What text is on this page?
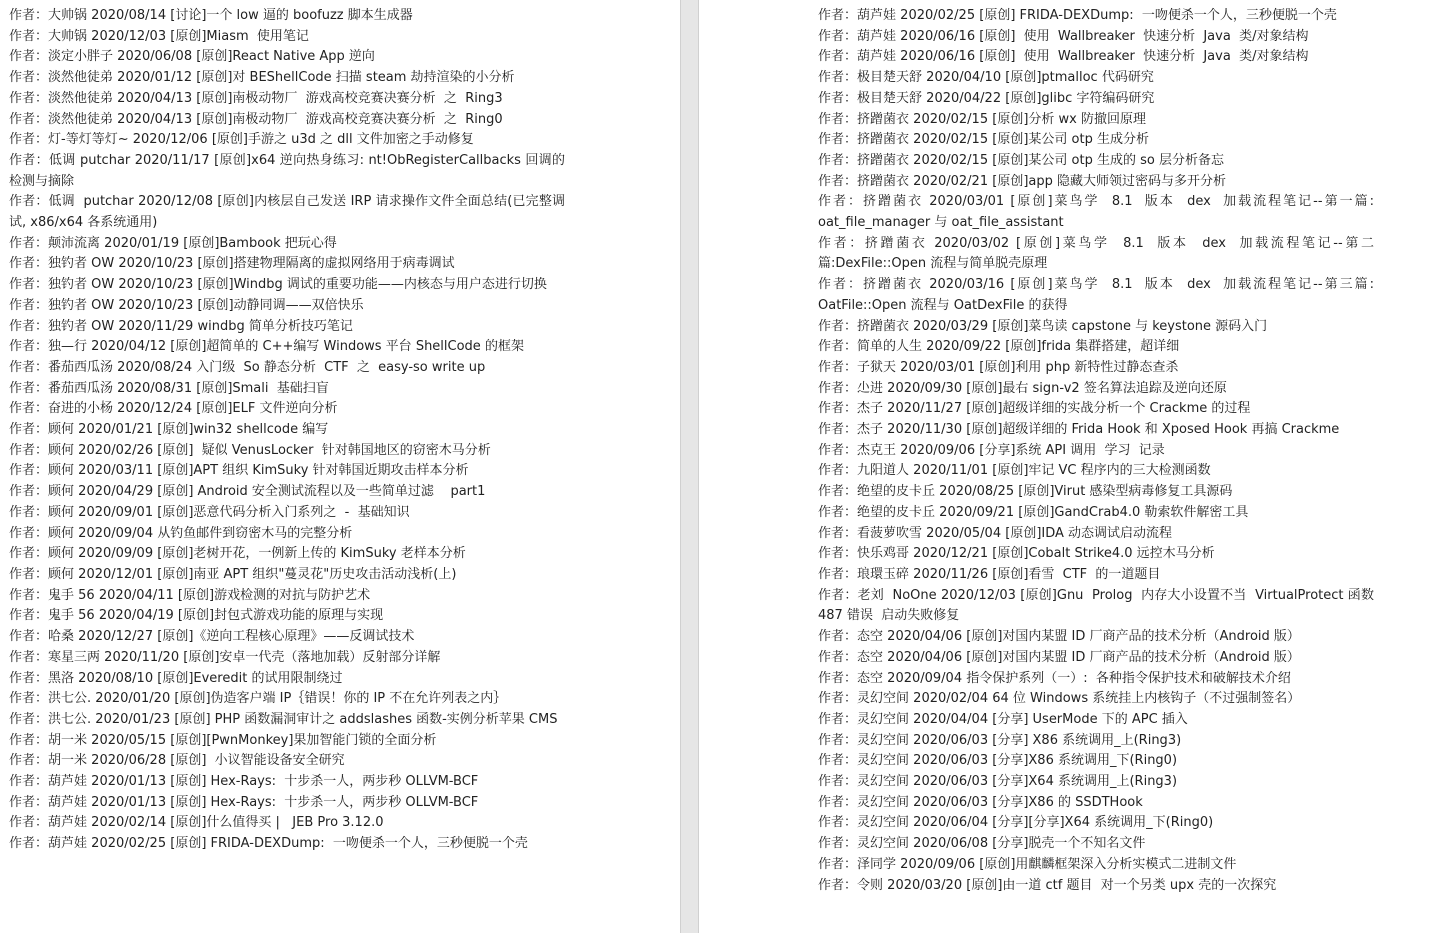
作者：大帅锅 2020/08/14 [讨论]一个 low 逼的 boofuzz 脚本生成器

作者：大帅锅 2020/12/03 [原创]Miasm  使用笔记

作者：淡定小胖子 2020/06/08 [原创]React Native App 逆向

作者：淡然他徒弟 2020/01/12 [原创]对 BEShellCode 扫描 steam 劫持渲染的小分析

作者：淡然他徒弟 2020/04/13 [原创]南极动物厂  游戏高校竞赛决赛分析  之  Ring3

作者：淡然他徒弟 2020/04/13 [原创]南极动物厂  游戏高校竞赛决赛分析  之  Ring0

作者：灯-等灯等灯~ 2020/12/06 [原创]手游之 u3d 之 dll 文件加密之手动修复

作者：低调 putchar 2020/11/17 [原创]x64 逆向热身练习: nt!ObRegisterCallbacks 回调的检测与摘除

作者：低调  putchar 2020/12/08 [原创]内核层自己发送 IRP 请求操作文件全面总结(已完整调试, x86/x64 各系统通用)

作者：颠沛流离 2020/01/19 [原创]Bambook 把玩心得

作者：独钓者 OW 2020/10/23 [原创]搭建物理隔离的虚拟网络用于病毒调试

作者：独钓者 OW 2020/10/23 [原创]Windbg 调试的重要功能——内核态与用户态进行切换

作者：独钓者 OW 2020/10/23 [原创]动静同调——双倍快乐

作者：独钓者 OW 2020/11/29 windbg 简单分析技巧笔记

作者：独—行 2020/04/12 [原创]超简单的 C++编写 Windows 平台 ShellCode 的框架

作者：番茄西瓜汤 2020/08/24 入门级  So 静态分析  CTF  之  easy-so write up

作者：番茄西瓜汤 2020/08/31 [原创]Smali  基础扫盲

作者：奋进的小杨 2020/12/24 [原创]ELF 文件逆向分析

作者：顾何 2020/01/21 [原创]win32 shellcode 编写

作者：顾何 2020/02/26 [原创]  疑似 VenusLocker  针对韩国地区的窃密木马分析

作者：顾何 2020/03/11 [原创]APT 组织 KimSuky 针对韩国近期攻击样本分析

作者：顾何 2020/04/29 [原创] Android 安全测试流程以及一些简单过滤    part1

作者：顾何 2020/09/01 [原创]恶意代码分析入门系列之  -  基础知识

作者：顾何 2020/09/04 从钓鱼邮件到窃密木马的完整分析

作者：顾何 2020/09/09 [原创]老树开花，一例新上传的 KimSuky 老样本分析

作者：顾何 2020/12/01 [原创]南亚 APT 组织"蔓灵花"历史攻击活动浅析(上)

作者：鬼手 56 2020/04/11 [原创]游戏检测的对抗与防护艺术

作者：鬼手 56 2020/04/19 [原创]封包式游戏功能的原理与实现

作者：哈桑 2020/12/27 [原创]《逆向工程核心原理》——反调试技术

作者：寒星三两 2020/11/20 [原创]安卓一代壳（落地加载）反射部分详解

作者：黑洛 2020/08/10 [原创]Everedit 的试用限制绕过

作者：洪七公. 2020/01/20 [原创]伪造客户端 IP｛错误！你的 IP 不在允许列表之内｝

作者：洪七公. 2020/01/23 [原创] PHP 函数漏洞审计之 addslashes 函数-实例分析苹果 CMS

作者：胡一米 2020/05/15 [原创][PwnMonkey]果加智能门锁的全面分析

作者：胡一米 2020/06/28 [原创]  小议智能设备安全研究

作者：葫芦娃 2020/01/13 [原创] Hex-Rays:  十步杀一人，两步秒 OLLVM-BCF

作者：葫芦娃 2020/01/13 [原创] Hex-Rays:  十步杀一人，两步秒 OLLVM-BCF

作者：葫芦娃 2020/02/14 [原创]什么值得买 |   JEB Pro 3.12.0

作者：葫芦娃 2020/02/25 [原创] FRIDA-DEXDump:  一吻便杀一个人，三秒便脱一个壳

作者：葫芦娃 2020/02/25 [原创] FRIDA-DEXDump:  一吻便杀一个人，三秒便脱一个壳

作者：葫芦娃 2020/06/16 [原创]  使用  Wallbreaker  快速分析  Java  类/对象结构

作者：葫芦娃 2020/06/16 [原创]  使用  Wallbreaker  快速分析  Java  类/对象结构

作者：极目楚天舒 2020/04/10 [原创]ptmalloc 代码研究

作者：极目楚天舒 2020/04/22 [原创]glibc 字符编码研究

作者：挤蹭菌衣 2020/02/15 [原创]分析 wx 防撤回原理

作者：挤蹭菌衣 2020/02/15 [原创]某公司 otp 生成分析

作者：挤蹭菌衣 2020/02/15 [原创]某公司 otp 生成的 so 层分析备忘

作者：挤蹭菌衣 2020/02/21 [原创]app 隐藏大师领过密码与多开分析

作者：挤蹭菌衣 2020/03/01 [原创]菜鸟学  8.1  版本  dex  加载流程笔记--第一篇: oat_file_manager 与 oat_file_assistant

作者：挤蹭菌衣 2020/03/02 [原创]菜鸟学  8.1  版本  dex  加载流程笔记--第二篇:DexFile::Open 流程与简单脱壳原理

作者：挤蹭菌衣 2020/03/16 [原创]菜鸟学  8.1  版本  dex  加载流程笔记--第三篇: OatFile::Open 流程与 OatDexFile 的获得

作者：挤蹭菌衣 2020/03/29 [原创]菜鸟读 capstone 与 keystone 源码入门

作者：简单的人生 2020/09/22 [原创]frida 集群搭建，超详细

作者：子狱天 2020/03/01 [原创]利用 php 新特性过静态查杀

作者：尐进 2020/09/30 [原创]最右 sign-v2 签名算法追踪及逆向还原

作者：杰子 2020/11/27 [原创]超级详细的实战分析一个 Crackme 的过程

作者：杰子 2020/11/30 [原创]超级详细的 Frida Hook 和 Xposed Hook 再搞 Crackme

作者：杰克王 2020/09/06 [分享]系统 API 调用  学习  记录

作者：九阳道人 2020/11/01 [原创]牢记 VC 程序内的三大检测函数

作者：绝望的皮卡丘 2020/08/25 [原创]Virut 感染型病毒修复工具源码

作者：绝望的皮卡丘 2020/09/21 [原创]GandCrab4.0 勒索软件解密工具

作者：看菠萝吹雪 2020/05/04 [原创]IDA 动态调试启动流程

作者：快乐鸡哥 2020/12/21 [原创]Cobalt Strike4.0 远控木马分析

作者：琅環玉碎 2020/11/26 [原创]看雪  CTF  的一道题目

作者：老刘  NoOne 2020/12/03 [原创]Gnu  Prolog  内存大小设置不当  VirtualProtect 函数 487 错误  启动失败修复

作者：态空 2020/04/06 [原创]对国内某盟 ID 厂商产品的技术分析（Android 版）

作者：态空 2020/04/06 [原创]对国内某盟 ID 厂商产品的技术分析（Android 版）

作者：态空 2020/09/04 指令保护系列（一）:  各种指令保护技术和破解技术介绍

作者：灵幻空间 2020/02/04 64 位 Windows 系统挂上内核钩子（不过强制签名）

作者：灵幻空间 2020/04/04 [分享] UserMode 下的 APC 插入

作者：灵幻空间 2020/06/03 [分享] X86 系统调用_上(Ring3)

作者：灵幻空间 2020/06/03 [分享]X86 系统调用_下(Ring0)

作者：灵幻空间 2020/06/03 [分享]X64 系统调用_上(Ring3)

作者：灵幻空间 2020/06/03 [分享]X86 的 SSDTHook

作者：灵幻空间 2020/06/04 [分享][分享]X64 系统调用_下(Ring0)

作者：灵幻空间 2020/06/08 [分享]脱壳一个不知名文件

作者：泽同学 2020/09/06 [原创]用麒麟框架深入分析实模式二进制文件

作者：令则 2020/03/20 [原创]由一道 ctf 题目  对一个另类 upx 壳的一次探究
